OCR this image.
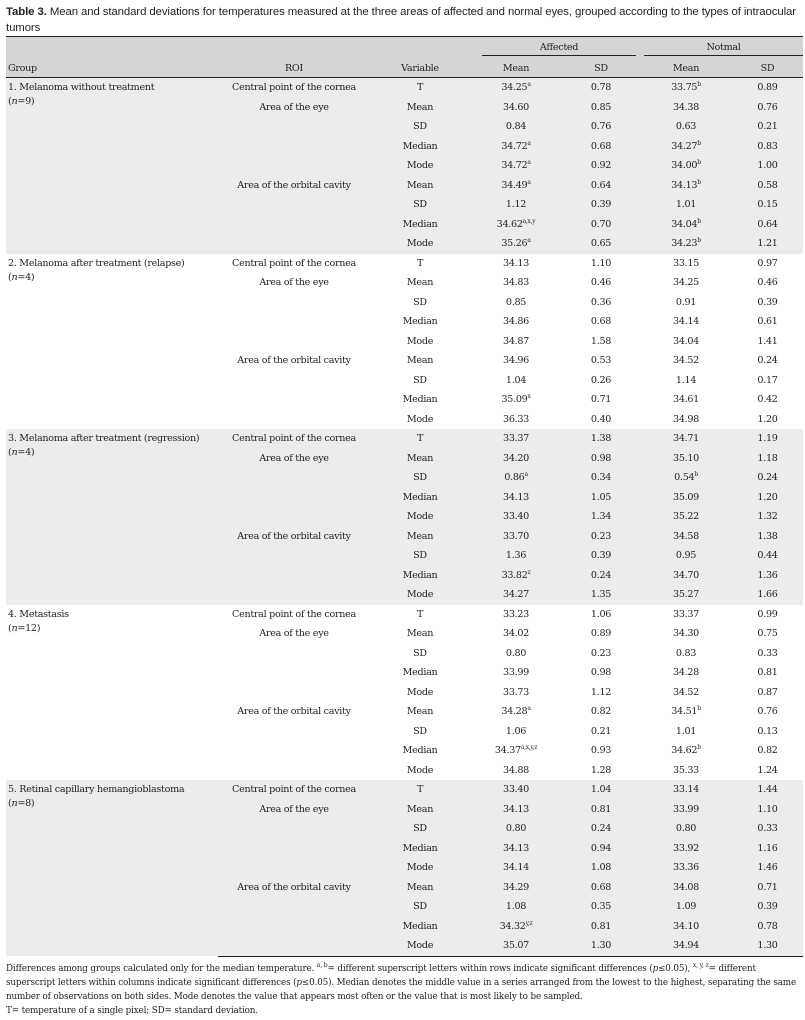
Table 3. Mean and standard deviations for temperatures measured at the three areas of affected and normal eyes, grouped according to the types of intraocular tumors

			Affected		Notmal	

Group	ROI	Variable	Mean	SD	Mean	SD

1. Melanoma without treatment
(n=9)	Central point of the cornea	T	34.25$^a$	0.78	33.75$^b$	0.89
	Area of the eye	Mean	34.60	0.85	34.38	0.76
		SD	0.84	0.76	0.63	0.21
		Median	34.72$^a$	0.68	34.27$^b$	0.83
		Mode	34.72$^a$	0.92	34.00$^b$	1.00
	Area of the orbital cavity	Mean	34.49$^a$	0.64	34.13$^b$	0.58
		SD	1.12	0.39	1.01	0.15
		Median	34.62$^{a,x,y}$	0.70	34.04$^b$	0.64
		Mode	35.26$^a$	0.65	34.23$^b$	1.21

2. Melanoma after treatment (relapse)
(n=4)	Central point of the cornea	T	34.13	1.10	33.15	0.97
	Area of the eye	Mean	34.83	0.46	34.25	0.46
		SD	0.85	0.36	0.91	0.39
		Median	34.86	0.68	34.14	0.61
		Mode	34.87	1.58	34.04	1.41
	Area of the orbital cavity	Mean	34.96	0.53	34.52	0.24
		SD	1.04	0.26	1.14	0.17
		Median	35.09$^x$	0.71	34.61	0.42
		Mode	36.33	0.40	34.98	1.20

3. Melanoma after treatment (regression)
(n=4)	Central point of the cornea	T	33.37	1.38	34.71	1.19
	Area of the eye	Mean	34.20	0.98	35.10	1.18
		SD	0.86$^a$	0.34	0.54$^b$	0.24
		Median	34.13	1.05	35.09	1.20
		Mode	33.40	1.34	35.22	1.32
	Area of the orbital cavity	Mean	33.70	0.23	34.58	1.38
		SD	1.36	0.39	0.95	0.44
		Median	33.82$^z$	0.24	34.70	1.36
		Mode	34.27	1.35	35.27	1.66

4. Metastasis
(n=12)	Central point of the cornea	T	33.23	1.06	33.37	0.99
	Area of the eye	Mean	34.02	0.89	34.30	0.75
		SD	0.80	0.23	0.83	0.33
		Median	33.99	0.98	34.28	0.81
		Mode	33.73	1.12	34.52	0.87
	Area of the orbital cavity	Mean	34.28$^a$	0.82	34.51$^b$	0.76
		SD	1.06	0.21	1.01	0.13
		Median	34.37$^{a,x,y,z}$	0.93	34.62$^b$	0.82
		Mode	34.88	1.28	35.33	1.24

5. Retinal capillary hemangioblastoma
(n=8)	Central point of the cornea	T	33.40	1.04	33.14	1.44
	Area of the eye	Mean	34.13	0.81	33.99	1.10
		SD	0.80	0.24	0.80	0.33
		Median	34.13	0.94	33.92	1.16
		Mode	34.14	1.08	33.36	1.46
	Area of the orbital cavity	Mean	34.29	0.68	34.08	0.71
		SD	1.08	0.35	1.09	0.39
		Median	34.32$^{y,z}$	0.81	34.10	0.78
		Mode	35.07	1.30	34.94	1.30

Differences among groups calculated only for the median temperature. $^{a, b}$= different superscript letters within rows indicate significant differences (p≤0.05), $^{x, y, z}$= different superscript letters within columns indicate significant differences (p≤0.05). Median denotes the middle value in a series arranged from the lowest to the highest, separating the same number of observations on both sides. Mode denotes the value that appears most often or the value that is most likely to be sampled.

T= temperature of a single pixel; SD= standard deviation.
